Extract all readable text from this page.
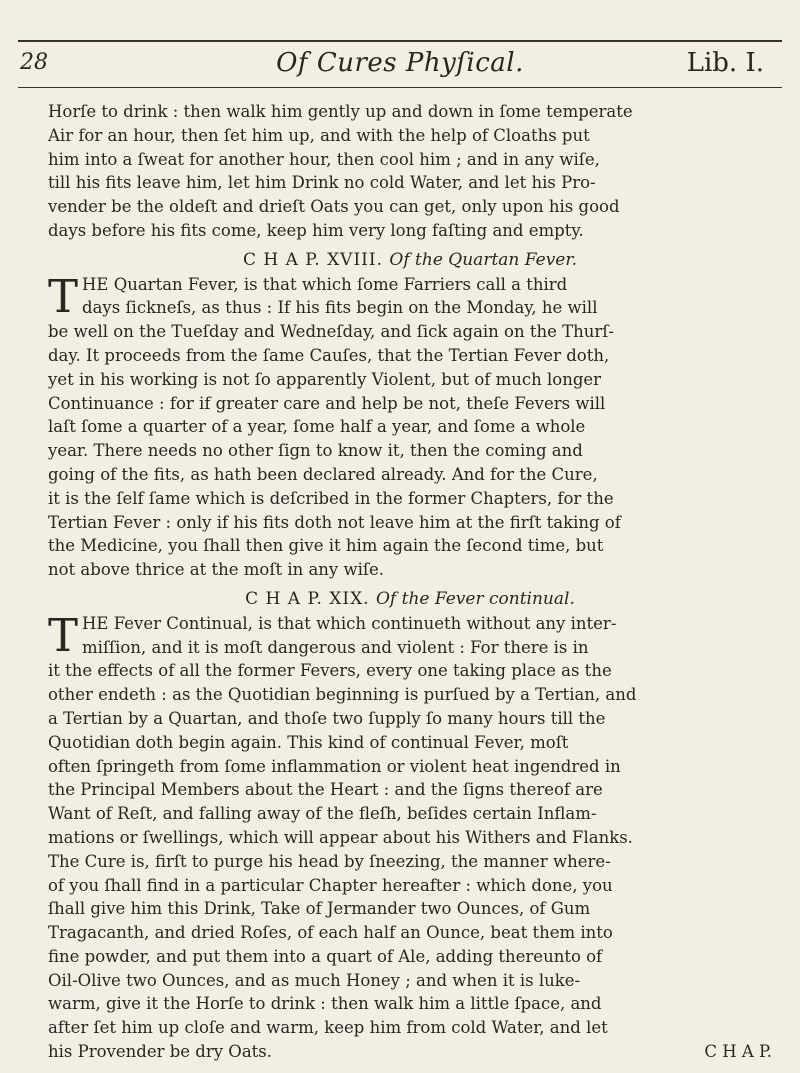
28	Of Cures Phyſical.	Lib. I.
Horſe to drink : then walk him gently up and down in ſome temperate
Air for an hour, then ſet him up, and with the help of Cloaths put
him into a ſweat for another hour, then cool him ; and in any wiſe,
till his fits leave him, let him Drink no cold Water, and let his Pro-
vender be the oldeſt and drieſt Oats you can get, only upon his good
days before his fits come, keep him very long faſting and empty.
C H A P. XVIII. Of the Quartan Fever.
T HE Quartan Fever, is that which ſome Farriers call a third
days ſickneſs, as thus : If his fits begin on the Monday, he will
be well on the Tueſday and Wedneſday, and ſick again on the Thurſ-
day. It proceeds from the ſame Cauſes, that the Tertian Fever doth,
yet in his working is not ſo apparently Violent, but of much longer
Continuance : for if greater care and help be not, theſe Fevers will
laſt ſome a quarter of a year, ſome half a year, and ſome a whole
year. There needs no other ſign to know it, then the coming and
going of the fits, as hath been declared already. And for the Cure,
it is the ſelf ſame which is deſcribed in the former Chapters, for the
Tertian Fever : only if his fits doth not leave him at the firſt taking of
the Medicine, you ſhall then give it him again the ſecond time, but
not above thrice at the moſt in any wiſe.
C H A P. XIX. Of the Fever continual.
T HE Fever Continual, is that which continueth without any inter-
miſſion, and it is moſt dangerous and violent : For there is in
it the effects of all the former Fevers, every one taking place as the
other endeth : as the Quotidian beginning is purſued by a Tertian, and
a Tertian by a Quartan, and thoſe two ſupply ſo many hours till the
Quotidian doth begin again. This kind of continual Fever, moſt
often ſpringeth from ſome inflammation or violent heat ingendred in
the Principal Members about the Heart : and the ſigns thereof are
Want of Reſt, and falling away of the fleſh, beſides certain Inflam-
mations or ſwellings, which will appear about his Withers and Flanks.
The Cure is, firſt to purge his head by ſneezing, the manner where-
of you ſhall find in a particular Chapter hereafter : which done, you
ſhall give him this Drink, Take of Jermander two Ounces, of Gum
Tragacanth, and dried Roſes, of each half an Ounce, beat them into
fine powder, and put them into a quart of Ale, adding thereunto of
Oil-Olive two Ounces, and as much Honey ; and when it is luke-
warm, give it the Horſe to drink : then walk him a little ſpace, and
after ſet him up cloſe and warm, keep him from cold Water, and let
his Provender be dry Oats.	C H A P.
